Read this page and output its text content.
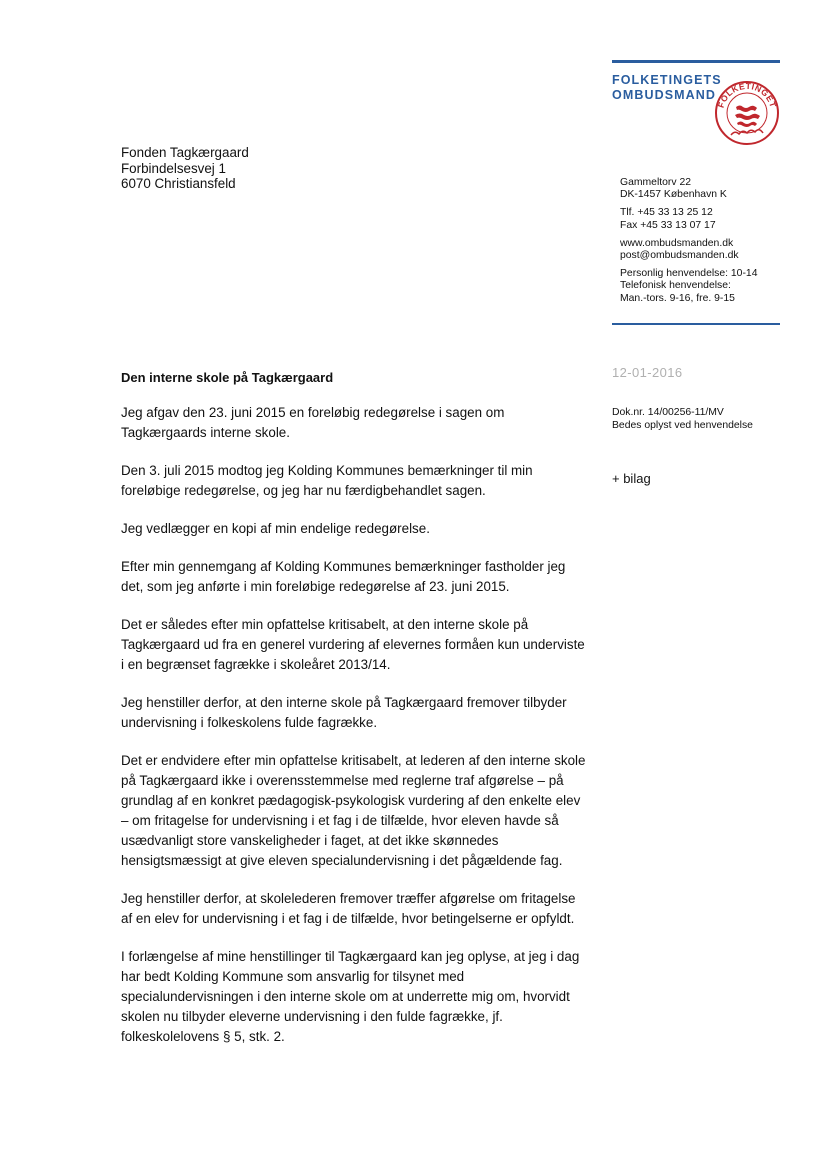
FOLKETINGETS
OMBUDSMAND
FOLKETINGET
Fonden Tagkærgaard
Forbindelsesvej 1
6070 Christiansfeld	Gammeltorv 22
DK-1457 København K
Tlf. +45 33 13 25 12
Fax +45 33 13 07 17
www.ombudsmanden.dk
post@ombudsmanden.dk
Personlig henvendelse: 10-14
Telefonisk henvendelse:
Man.-tors. 9-16, fre. 9-15
12-01-2016
Den interne skole på Tagkærgaard
Dok.nr. 14/00256-11/MV
Bedes oplyst ved henvendelse
+ bilag

Jeg afgav den 23. juni 2015 en foreløbig redegørelse i sagen om Tagkærgaards interne skole.

Den 3. juli 2015 modtog jeg Kolding Kommunes bemærkninger til min foreløbige redegørelse, og jeg har nu færdigbehandlet sagen.

Jeg vedlægger en kopi af min endelige redegørelse.

Efter min gennemgang af Kolding Kommunes bemærkninger fastholder jeg det, som jeg anførte i min foreløbige redegørelse af 23. juni 2015.

Det er således efter min opfattelse kritisabelt, at den interne skole på Tagkærgaard ud fra en generel vurdering af elevernes formåen kun underviste i en begrænset fagrække i skoleåret 2013/14.

Jeg henstiller derfor, at den interne skole på Tagkærgaard fremover tilbyder undervisning i folkeskolens fulde fagrække.

Det er endvidere efter min opfattelse kritisabelt, at lederen af den interne skole på Tagkærgaard ikke i overensstemmelse med reglerne traf afgørelse – på grundlag af en konkret pædagogisk-psykologisk vurdering af den enkelte elev – om fritagelse for undervisning i et fag i de tilfælde, hvor eleven havde så usædvanligt store vanskeligheder i faget, at det ikke skønnedes hensigtsmæssigt at give eleven specialundervisning i det pågældende fag.

Jeg henstiller derfor, at skolelederen fremover træffer afgørelse om fritagelse af en elev for undervisning i et fag i de tilfælde, hvor betingelserne er opfyldt.

I forlængelse af mine henstillinger til Tagkærgaard kan jeg oplyse, at jeg i dag har bedt Kolding Kommune som ansvarlig for tilsynet med specialundervisningen i den interne skole om at underrette mig om, hvorvidt skolen nu tilbyder eleverne undervisning i den fulde fagrække, jf. folkeskolelovens § 5, stk. 2.
